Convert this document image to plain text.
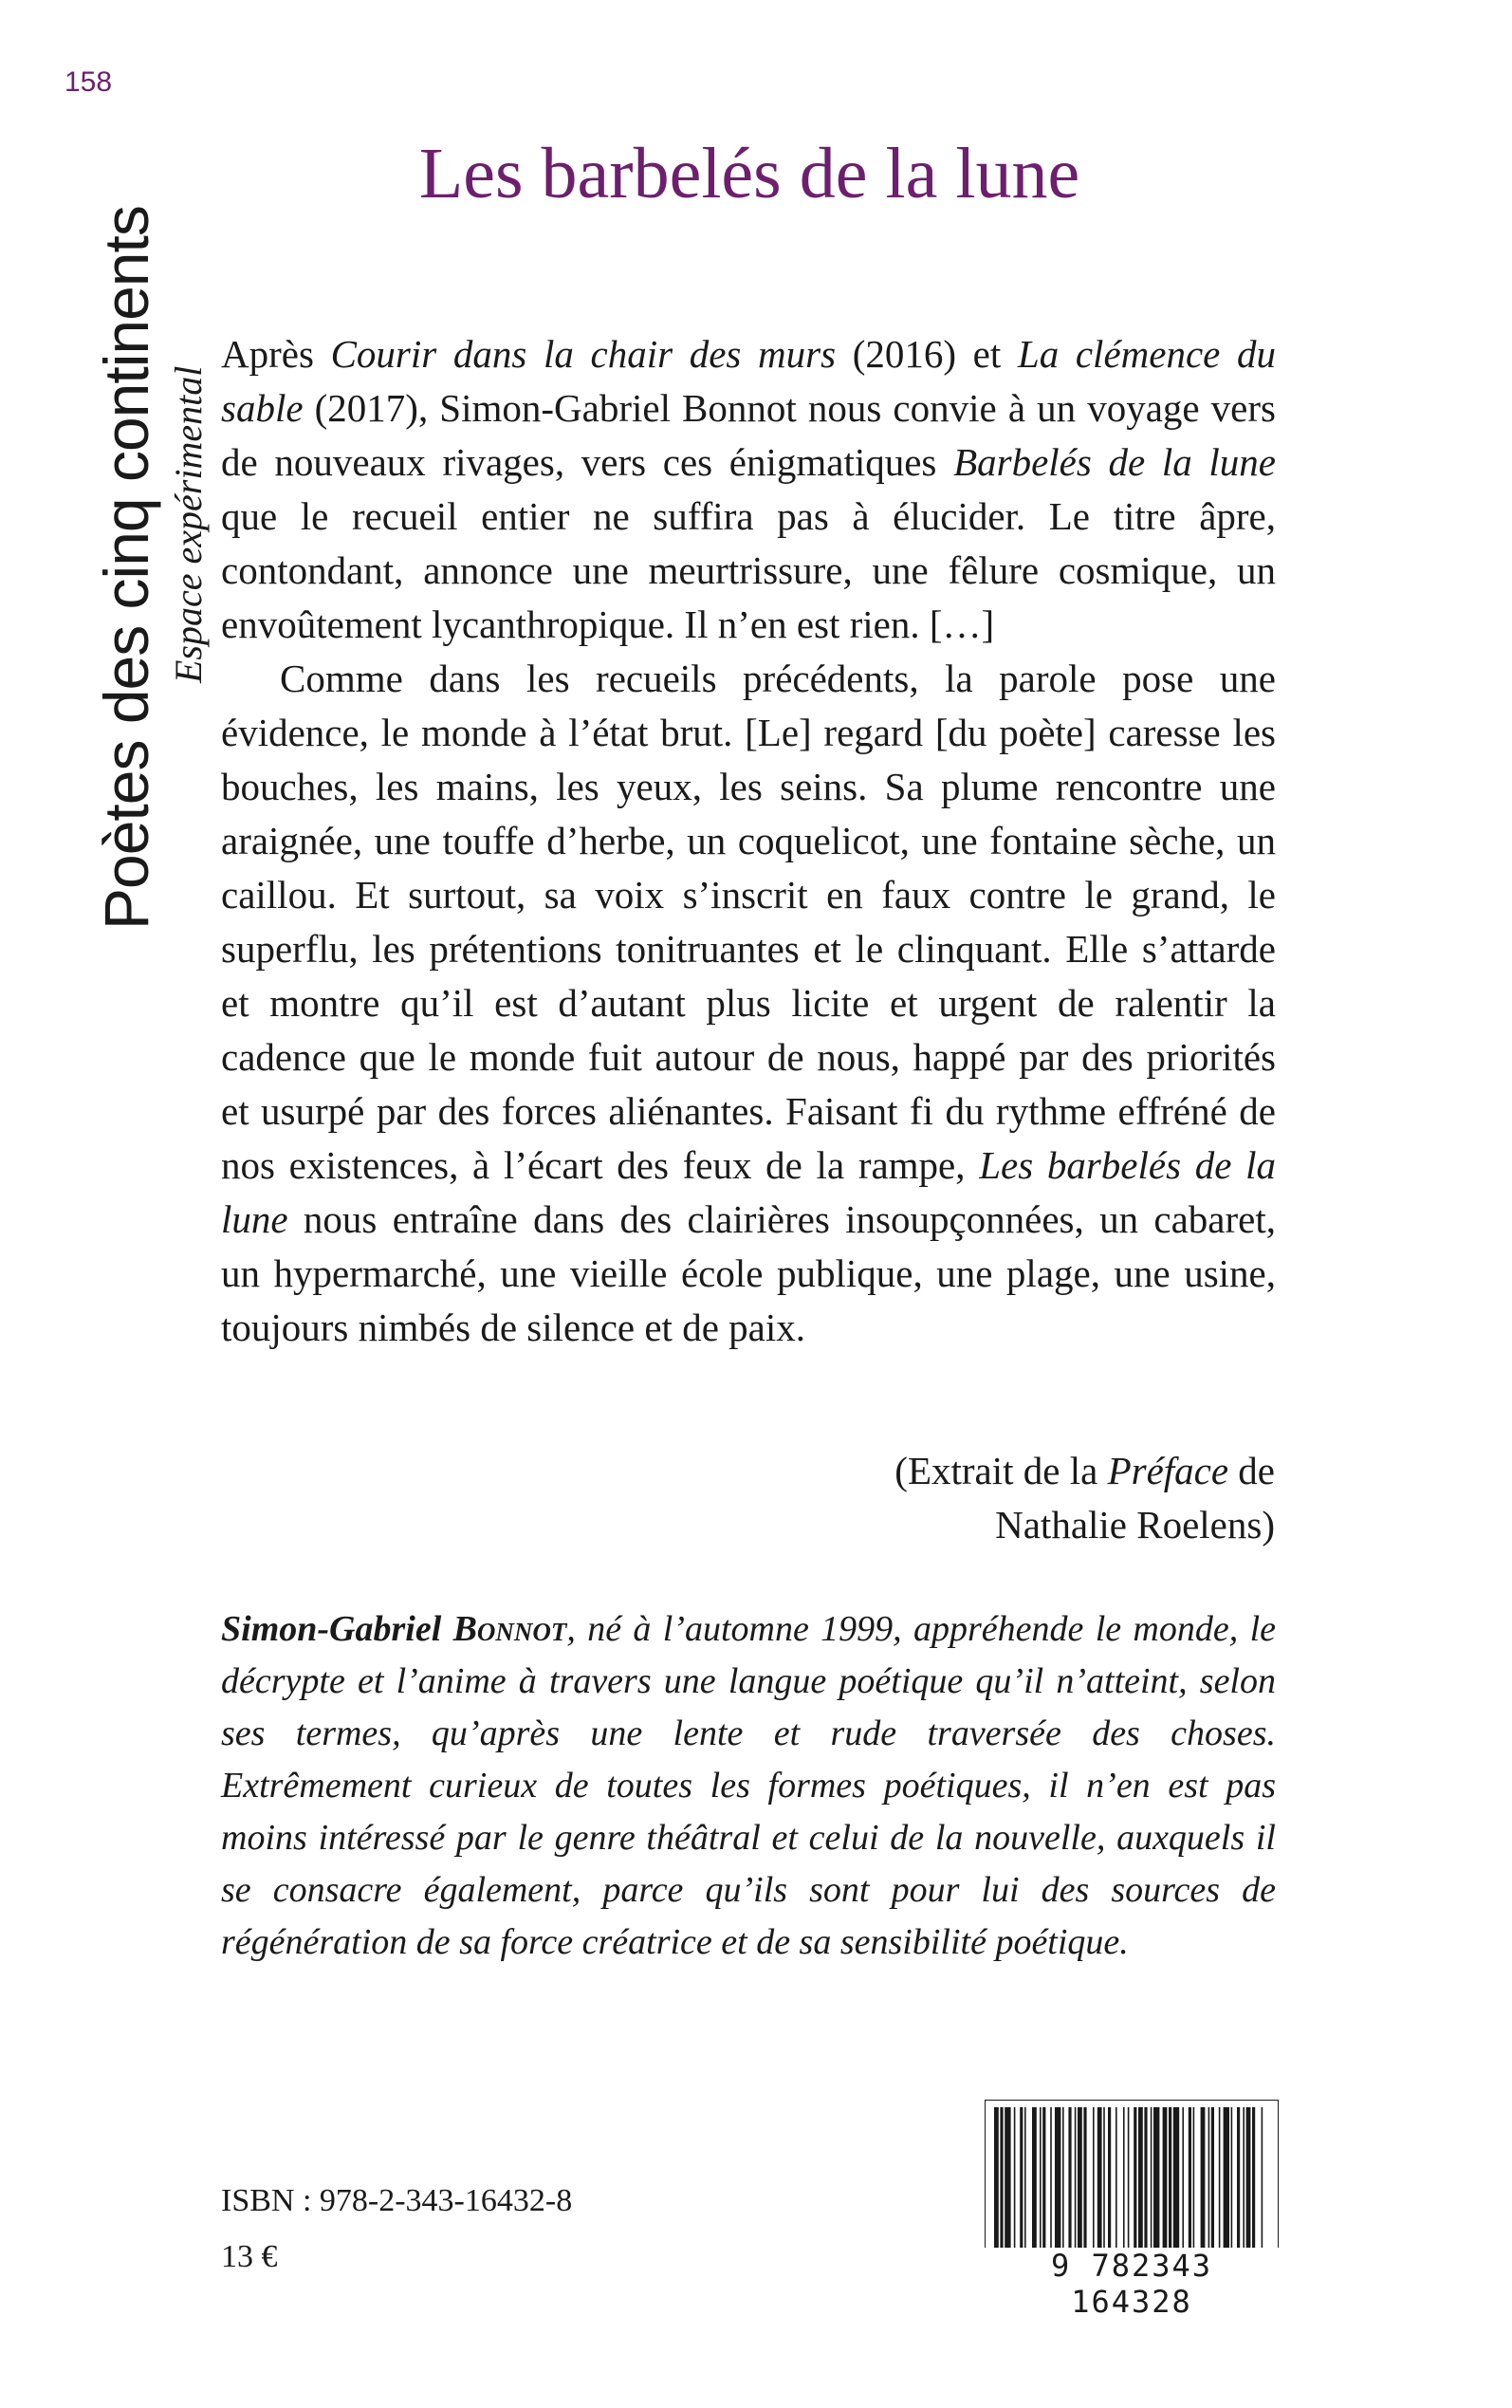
158
Poètes des cinq continents Espace expérimental
Les barbelés de la lune

Après Courir dans la chair des murs (2016) et La clémence du sable (2017), Simon-Gabriel Bonnot nous convie à un voyage vers de nouveaux rivages, vers ces énigmatiques Barbelés de la lune que le recueil entier ne suffira pas à élucider. Le titre âpre, contondant, annonce une meurtrissure, une fêlure cosmique, un envoûtement lycanthropique. Il n’en est rien. […]

Comme dans les recueils précédents, la parole pose une évidence, le monde à l’état brut. [Le] regard [du poète] caresse les bouches, les mains, les yeux, les seins. Sa plume rencontre une araignée, une touffe d’herbe, un coquelicot, une fontaine sèche, un caillou. Et surtout, sa voix s’inscrit en faux contre le grand, le superflu, les prétentions tonitruantes et le clinquant. Elle s’attarde et montre qu’il est d’autant plus licite et urgent de ralentir la cadence que le monde fuit autour de nous, happé par des priorités et usurpé par des forces aliénantes. Faisant fi du rythme effréné de nos existences, à l’écart des feux de la rampe, Les barbelés de la lune nous entraîne dans des clairières insoupçonnées, un cabaret, un hypermarché, une vieille école publique, une plage, une usine, toujours nimbés de silence et de paix.

(Extrait de la Préface de
Nathalie Roelens)
Simon-Gabriel Bonnot, né à l’automne 1999, appréhende le monde, le décrypte et l’anime à travers une langue poétique qu’il n’atteint, selon ses termes, qu’après une lente et rude traversée des choses. Extrêmement curieux de toutes les formes poétiques, il n’en est pas moins intéressé par le genre théâtral et celui de la nouvelle, auxquels il se consacre également, parce qu’ils sont pour lui des sources de régénération de sa force créatrice et de sa sensibilité poétique.
ISBN : 978-2-343-16432-8
13 €	9 782343 164328
